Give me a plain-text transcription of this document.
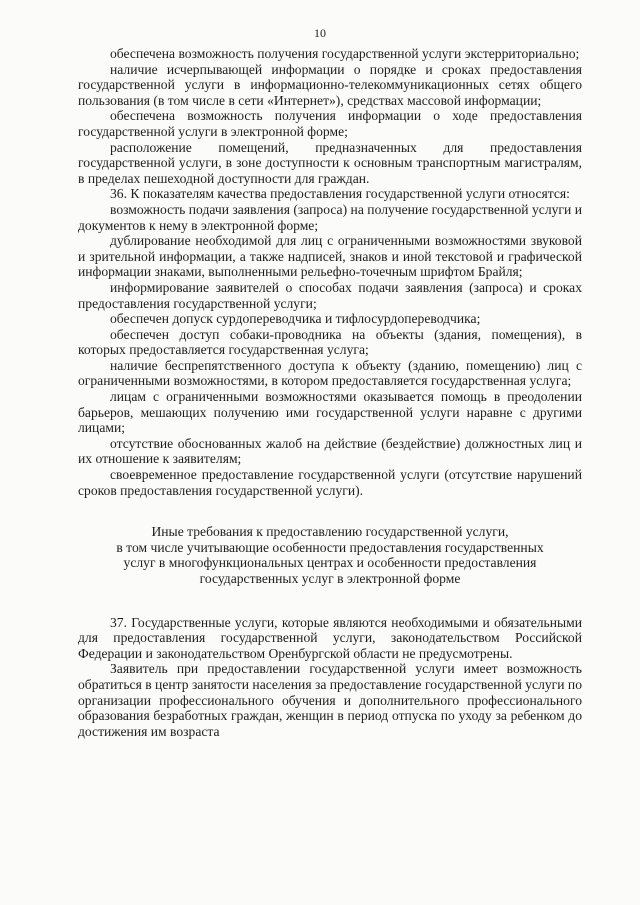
10

обеспечена возможность получения государственной услуги экстерриториально;

наличие исчерпывающей информации о порядке и сроках предоставления государственной услуги в информационно-телекоммуникационных сетях общего пользования (в том числе в сети «Интернет»), средствах массовой информации;

обеспечена возможность получения информации о ходе предоставления государственной услуги в электронной форме;

расположение помещений, предназначенных для предоставления государственной услуги, в зоне доступности к основным транспортным магистралям, в пределах пешеходной доступности для граждан.

36. К показателям качества предоставления государственной услуги относятся:

возможность подачи заявления (запроса) на получение государственной услуги и документов к нему в электронной форме;

дублирование необходимой для лиц с ограниченными возможностями звуковой и зрительной информации, а также надписей, знаков и иной текстовой и графической информации знаками, выполненными рельефно-точечным шрифтом Брайля;

информирование заявителей о способах подачи заявления (запроса) и сроках предоставления государственной услуги;

обеспечен допуск сурдопереводчика и тифлосурдопереводчика;

обеспечен доступ собаки-проводника на объекты (здания, помещения), в которых предоставляется государственная услуга;

наличие беспрепятственного доступа к объекту (зданию, помещению) лиц с ограниченными возможностями, в котором предоставляется государственная услуга;

лицам с ограниченными возможностями оказывается помощь в преодолении барьеров, мешающих получению ими государственной услуги наравне с другими лицами;

отсутствие обоснованных жалоб на действие (бездействие) должностных лиц и их отношение к заявителям;

своевременное предоставление государственной услуги (отсутствие нарушений сроков предоставления государственной услуги).

Иные требования к предоставлению государственной услуги,
в том числе учитывающие особенности предоставления государственных
услуг в многофункциональных центрах и особенности предоставления
государственных услуг в электронной форме

37. Государственные услуги, которые являются необходимыми и обязательными для предоставления государственной услуги, законодательством Российской Федерации и законодательством Оренбургской области не предусмотрены.

Заявитель при предоставлении государственной услуги имеет возможность обратиться в центр занятости населения за предоставление государственной услуги по организации профессионального обучения и дополнительного профессионального образования безработных граждан, женщин в период отпуска по уходу за ребенком до достижения им возраста
